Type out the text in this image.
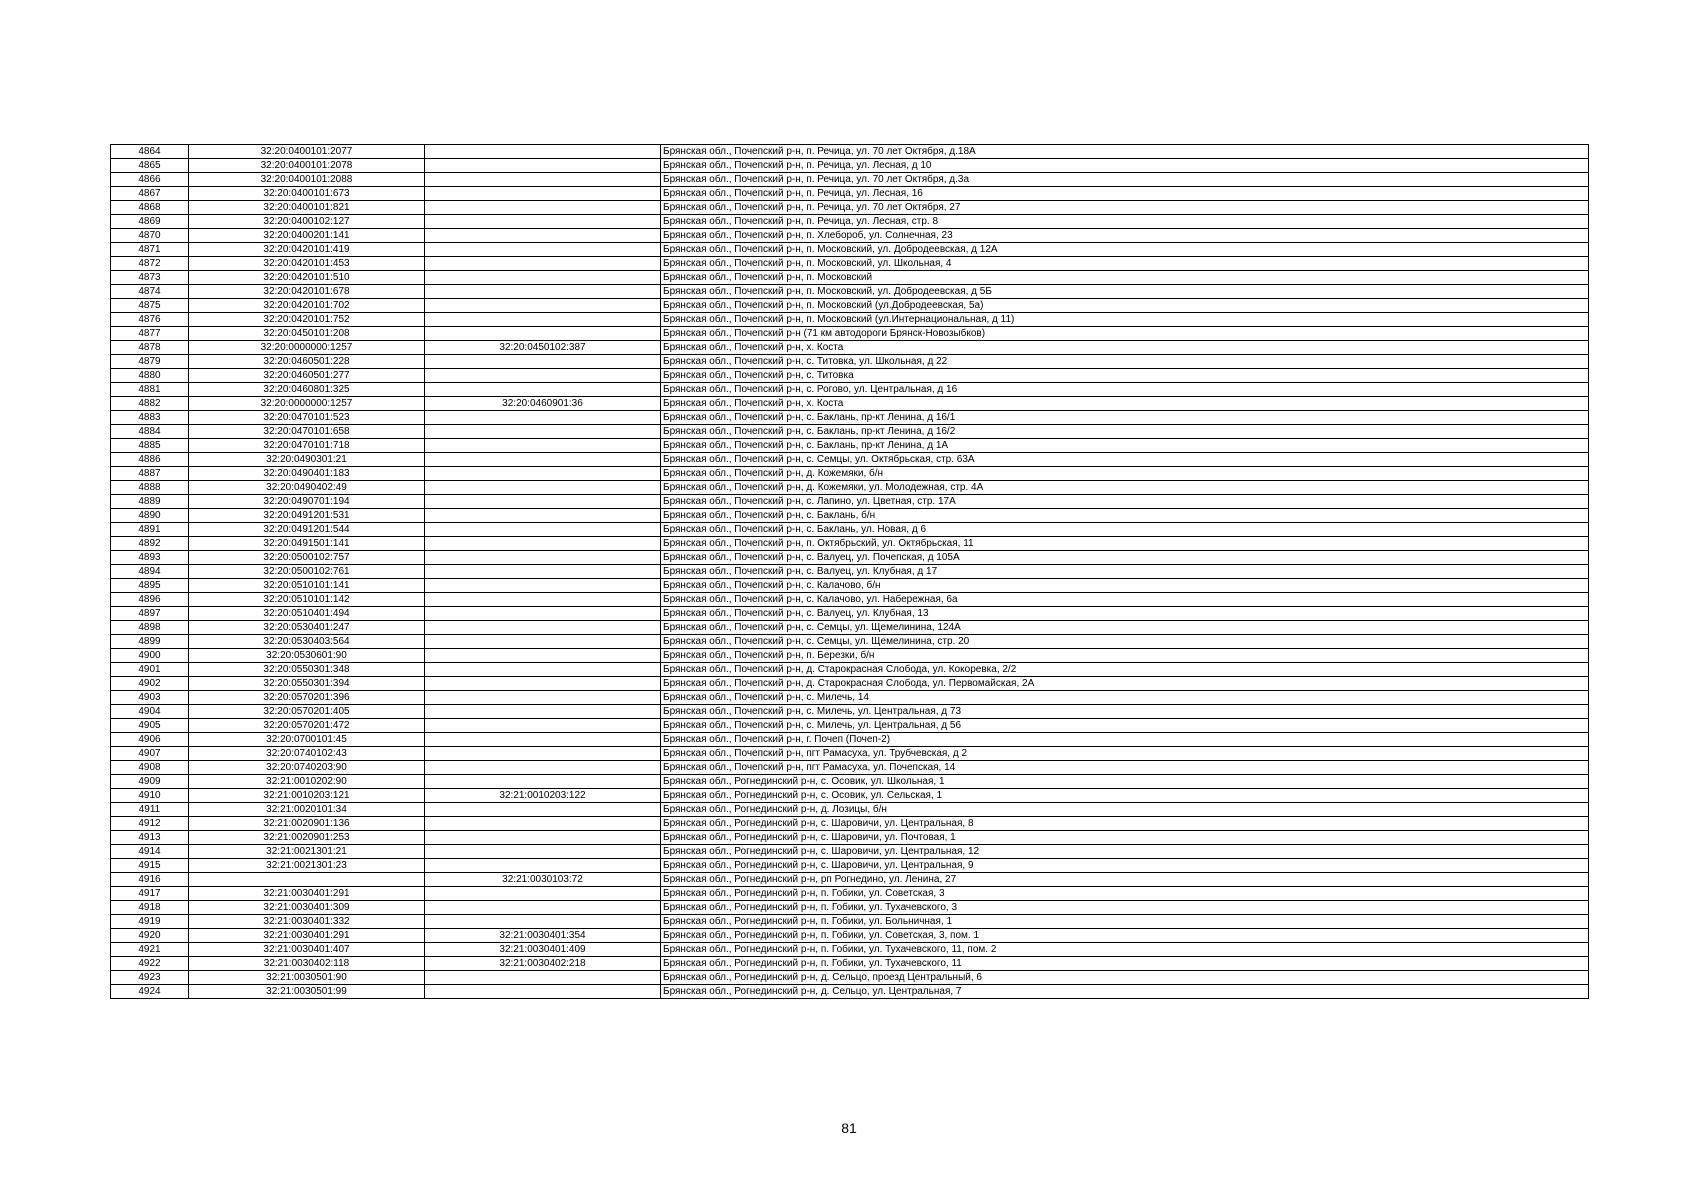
4864	32:20:0400101:2077		Брянская обл., Почепский р-н, п. Речица, ул. 70 лет Октября, д.18А
4865	32:20:0400101:2078		Брянская обл., Почепский р-н, п. Речица, ул. Лесная, д 10
4866	32:20:0400101:2088		Брянская обл., Почепский р-н, п. Речица, ул. 70 лет Октября, д.3а
4867	32:20:0400101:673		Брянская обл., Почепский р-н, п. Речица, ул. Лесная, 16
4868	32:20:0400101:821		Брянская обл., Почепский р-н, п. Речица, ул. 70 лет Октября, 27
4869	32:20:0400102:127		Брянская обл., Почепский р-н, п. Речица, ул. Лесная, стр. 8
4870	32:20:0400201:141		Брянская обл., Почепский р-н, п. Хлебороб, ул. Солнечная, 23
4871	32:20:0420101:419		Брянская обл., Почепский р-н, п. Московский, ул. Добродеевская, д 12А
4872	32:20:0420101:453		Брянская обл., Почепский р-н, п. Московский, ул. Школьная, 4
4873	32:20:0420101:510		Брянская обл., Почепский р-н, п. Московский
4874	32:20:0420101:678		Брянская обл., Почепский р-н, п. Московский, ул. Добродеевская, д 5Б
4875	32:20:0420101:702		Брянская обл., Почепский р-н, п. Московский (ул.Добродеевская, 5а)
4876	32:20:0420101:752		Брянская обл., Почепский р-н, п. Московский (ул.Интернациональная, д 11)
4877	32:20:0450101:208		Брянская обл., Почепский р-н (71 км автодороги Брянск-Новозыбков)
4878	32:20:0000000:1257	32:20:0450102:387	Брянская обл., Почепский р-н, х. Коста
4879	32:20:0460501:228		Брянская обл., Почепский р-н, с. Титовка, ул. Школьная, д 22
4880	32:20:0460501:277		Брянская обл., Почепский р-н, с. Титовка
4881	32:20:0460801:325		Брянская обл., Почепский р-н, с. Рогово, ул. Центральная, д 16
4882	32:20:0000000:1257	32:20:0460901:36	Брянская обл., Почепский р-н, х. Коста
4883	32:20:0470101:523		Брянская обл., Почепский р-н, с. Баклань, пр-кт Ленина, д 16/1
4884	32:20:0470101:658		Брянская обл., Почепский р-н, с. Баклань, пр-кт Ленина, д 16/2
4885	32:20:0470101:718		Брянская обл., Почепский р-н, с. Баклань, пр-кт Ленина, д 1А
4886	32:20:0490301:21		Брянская обл., Почепский р-н, с. Семцы, ул. Октябрьская, стр. 63А
4887	32:20:0490401:183		Брянская обл., Почепский р-н, д. Кожемяки, б/н
4888	32:20:0490402:49		Брянская обл., Почепский р-н, д. Кожемяки, ул. Молодежная, стр. 4А
4889	32:20:0490701:194		Брянская обл., Почепский р-н, с. Лапино, ул. Цветная, стр. 17А
4890	32:20:0491201:531		Брянская обл., Почепский р-н, с. Баклань, б/н
4891	32:20:0491201:544		Брянская обл., Почепский р-н, с. Баклань, ул. Новая, д 6
4892	32:20:0491501:141		Брянская обл., Почепский р-н, п. Октябрьский, ул. Октябрьская, 11
4893	32:20:0500102:757		Брянская обл., Почепский р-н, с. Валуец, ул. Почепская, д 105А
4894	32:20:0500102:761		Брянская обл., Почепский р-н, с. Валуец, ул. Клубная, д 17
4895	32:20:0510101:141		Брянская обл., Почепский р-н, с. Калачово, б/н
4896	32:20:0510101:142		Брянская обл., Почепский р-н, с. Калачово, ул. Набережная, 6а
4897	32:20:0510401:494		Брянская обл., Почепский р-н, с. Валуец, ул. Клубная, 13
4898	32:20:0530401:247		Брянская обл., Почепский р-н, с. Семцы, ул. Щемелинина, 124А
4899	32:20:0530403:564		Брянская обл., Почепский р-н, с. Семцы, ул. Щемелинина, стр. 20
4900	32:20:0530601:90		Брянская обл., Почепский р-н, п. Березки, б/н
4901	32:20:0550301:348		Брянская обл., Почепский р-н, д. Старокрасная Слобода, ул. Кокоревка, 2/2
4902	32:20:0550301:394		Брянская обл., Почепский р-н, д. Старокрасная Слобода, ул. Первомайская, 2А
4903	32:20:0570201:396		Брянская обл., Почепский р-н, с. Милечь, 14
4904	32:20:0570201:405		Брянская обл., Почепский р-н, с. Милечь, ул. Центральная, д 73
4905	32:20:0570201:472		Брянская обл., Почепский р-н, с. Милечь, ул. Центральная, д 56
4906	32:20:0700101:45		Брянская обл., Почепский р-н, г. Почеп (Почеп-2)
4907	32:20:0740102:43		Брянская обл., Почепский р-н, пгт Рамасуха, ул. Трубчевская, д 2
4908	32:20:0740203:90		Брянская обл., Почепский р-н, пгт Рамасуха, ул. Почепская, 14
4909	32:21:0010202:90		Брянская обл., Рогнединский р-н, с. Осовик, ул. Школьная, 1
4910	32:21:0010203:121	32:21:0010203:122	Брянская обл., Рогнединский р-н, с. Осовик, ул. Сельская, 1
4911	32:21:0020101:34		Брянская обл., Рогнединский р-н, д. Лозицы, б/н
4912	32:21:0020901:136		Брянская обл., Рогнединский р-н, с. Шаровичи, ул. Центральная, 8
4913	32:21:0020901:253		Брянская обл., Рогнединский р-н, с. Шаровичи, ул. Почтовая, 1
4914	32:21:0021301:21		Брянская обл., Рогнединский р-н, с. Шаровичи, ул. Центральная, 12
4915	32:21:0021301:23		Брянская обл., Рогнединский р-н, с. Шаровичи, ул. Центральная, 9
4916		32:21:0030103:72	Брянская обл., Рогнединский р-н, рп Рогнедино, ул. Ленина, 27
4917	32:21:0030401:291		Брянская обл., Рогнединский р-н, п. Гобики, ул. Советская, 3
4918	32:21:0030401:309		Брянская обл., Рогнединский р-н, п. Гобики, ул. Тухачевского, 3
4919	32:21:0030401:332		Брянская обл., Рогнединский р-н, п. Гобики, ул. Больничная, 1
4920	32:21:0030401:291	32:21:0030401:354	Брянская обл., Рогнединский р-н, п. Гобики, ул. Советская, 3, пом. 1
4921	32:21:0030401:407	32:21:0030401:409	Брянская обл., Рогнединский р-н, п. Гобики, ул. Тухачевского, 11, пом. 2
4922	32:21:0030402:118	32:21:0030402:218	Брянская обл., Рогнединский р-н, п. Гобики, ул. Тухачевского, 11
4923	32:21:0030501:90		Брянская обл., Рогнединский р-н, д. Сельцо, проезд Центральный, 6
4924	32:21:0030501:99		Брянская обл., Рогнединский р-н, д. Сельцо, ул. Центральная, 7
81
